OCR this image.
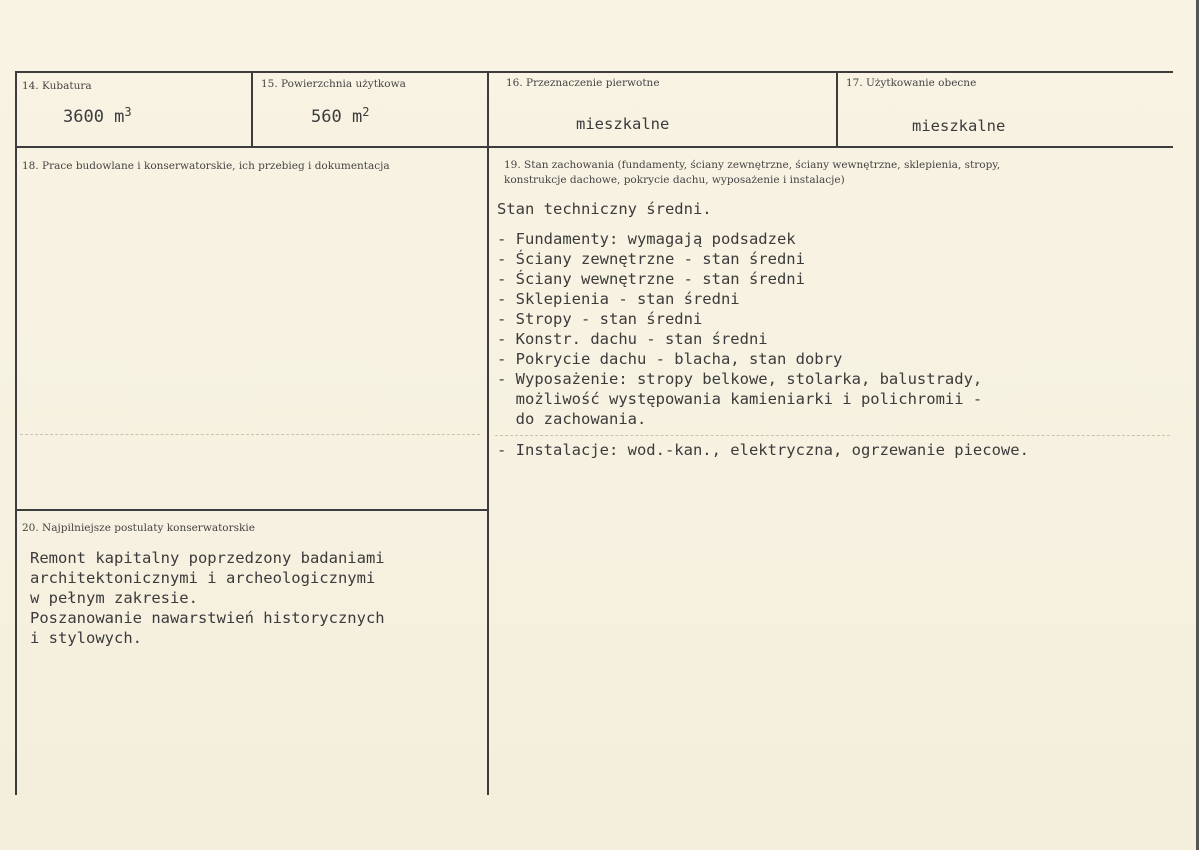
14. Kubatura
3600 $m^3$
15. Powierzchnia użytkowa
560 $m^2$
16. Przeznaczenie pierwotne
mieszkalne
17. Użytkowanie obecne
mieszkalne
18. Prace budowlane i konserwatorskie, ich przebieg i dokumentacja	19. Stan zachowania (fundamenty, ściany zewnętrzne, ściany wewnętrzne, sklepienia, stropy,
konstrukcje dachowe, pokrycie dachu, wyposażenie i instalacje)
Stan techniczny średni.
- Fundamenty: wymagają podsadzek
- Ściany zewnętrzne - stan średni
- Ściany wewnętrzne - stan średni
- Sklepienia - stan średni
- Stropy - stan średni
- Konstr. dachu - stan średni
- Pokrycie dachu - blacha, stan dobry
- Wyposażenie: stropy belkowe, stolarka, balustrady,
możliwość występowania kamieniarki i polichromii -
do zachowania.
- Instalacje: wod.-kan., elektryczna, ogrzewanie piecowe.
20. Najpilniejsze postulaty konserwatorskie
Remont kapitalny poprzedzony badaniami
architektonicznymi i archeologicznymi
w pełnym zakresie.
Poszanowanie nawarstwień historycznych
i stylowych.
